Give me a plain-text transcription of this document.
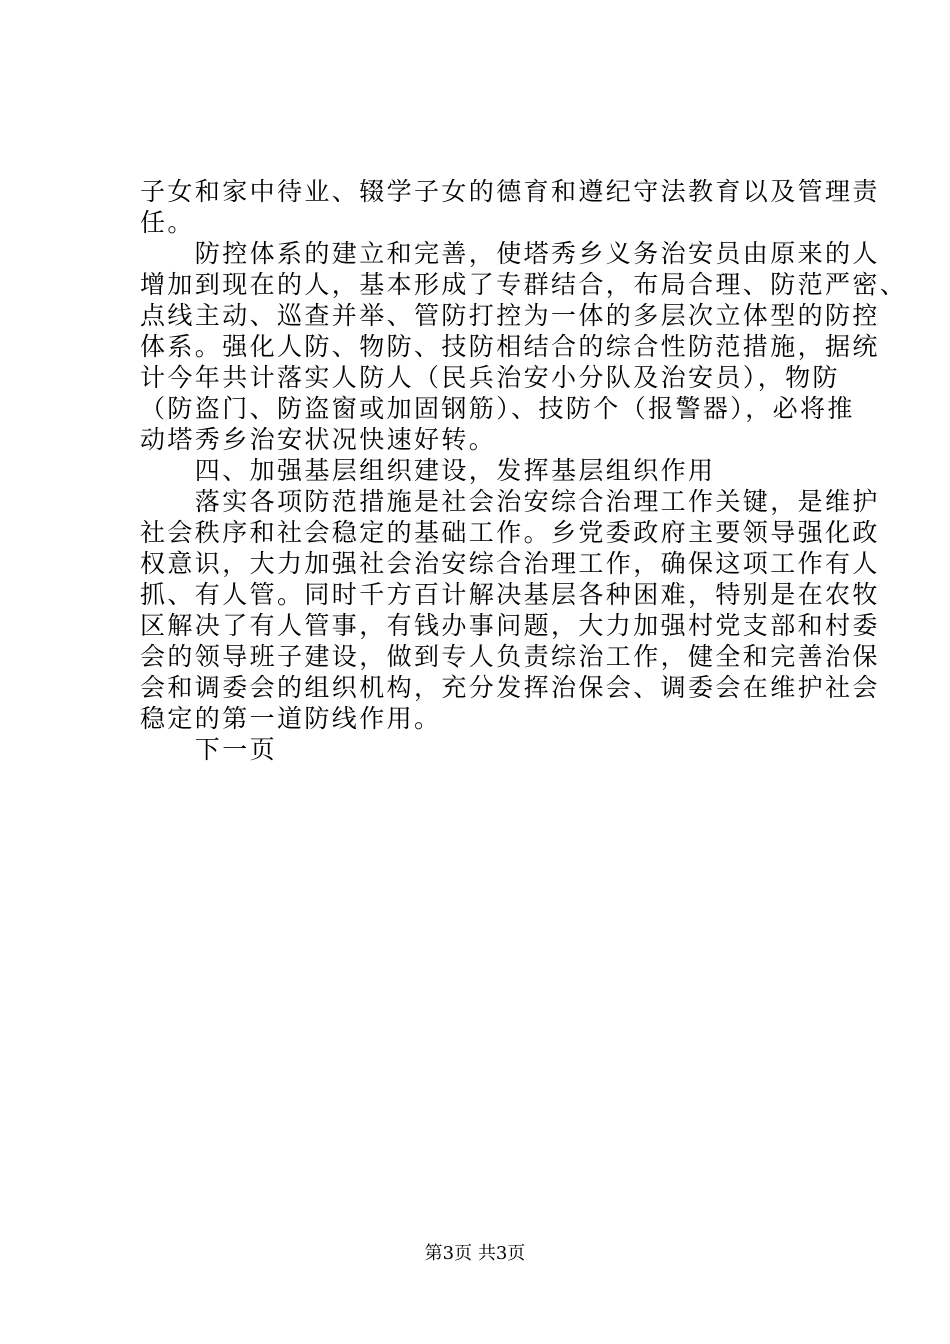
子女和家中待业、辍学子女的德育和遵纪守法教育以及管理责
任。
　　防控体系的建立和完善，使塔秀乡义务治安员由原来的人
增加到现在的人，基本形成了专群结合，布局合理、防范严密、
点线主动、巡查并举、管防打控为一体的多层次立体型的防控
体系。强化人防、物防、技防相结合的综合性防范措施，据统
计今年共计落实人防人（民兵治安小分队及治安员），物防
（防盗门、防盗窗或加固钢筋）、技防个（报警器），必将推
动塔秀乡治安状况快速好转。
　　四、加强基层组织建设，发挥基层组织作用
　　落实各项防范措施是社会治安综合治理工作关键，是维护
社会秩序和社会稳定的基础工作。乡党委政府主要领导强化政
权意识，大力加强社会治安综合治理工作，确保这项工作有人
抓、有人管。同时千方百计解决基层各种困难，特别是在农牧
区解决了有人管事，有钱办事问题，大力加强村党支部和村委
会的领导班子建设，做到专人负责综治工作，健全和完善治保
会和调委会的组织机构，充分发挥治保会、调委会在维护社会
稳定的第一道防线作用。
　　下一页
第3页 共3页
